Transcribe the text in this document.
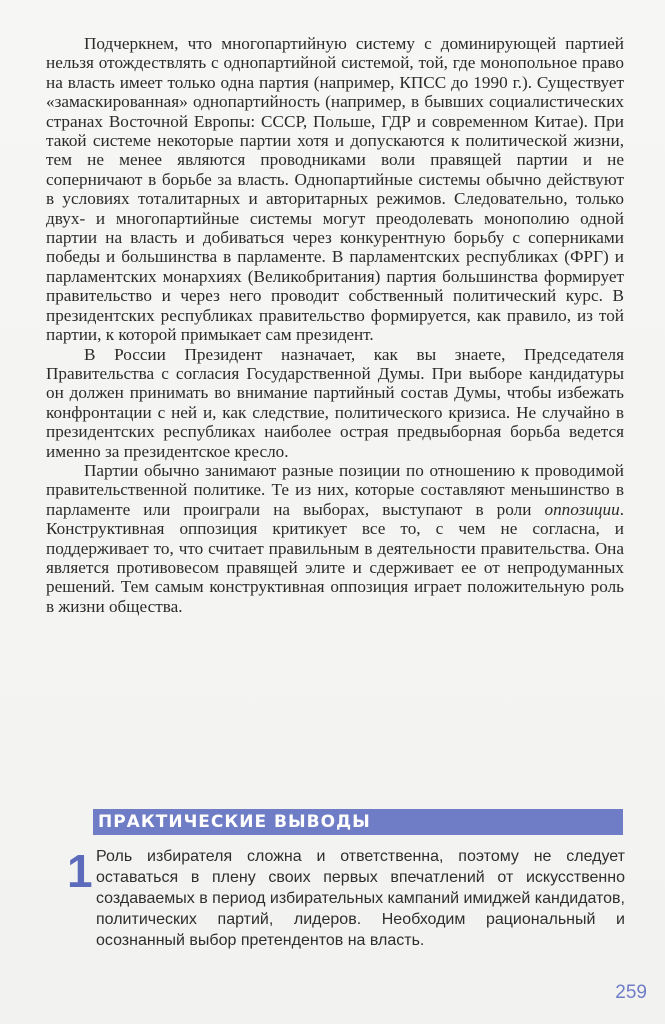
Подчеркнем, что многопартийную систему с доминирующей партией нельзя отождествлять с однопартийной системой, той, где монопольное право на власть имеет только одна партия (например, КПСС до 1990 г.). Существует «замаскированная» однопартийность (например, в бывших социалистических странах Восточной Европы: СССР, Польше, ГДР и современном Китае). При такой системе некоторые партии хотя и допускаются к политической жизни, тем не менее являются проводниками воли правящей партии и не соперничают в борьбе за власть. Однопартийные системы обычно действуют в условиях тоталитарных и авторитарных режимов. Следовательно, только двух- и многопартийные системы могут преодолевать монополию одной партии на власть и добиваться через конкурентную борьбу с соперниками победы и большинства в парламенте. В парламентских республиках (ФРГ) и парламентских монархиях (Великобритания) партия большинства формирует правительство и через него проводит собственный политический курс. В президентских республиках правительство формируется, как правило, из той партии, к которой примыкает сам президент.

В России Президент назначает, как вы знаете, Председателя Правительства с согласия Государственной Думы. При выборе кандидатуры он должен принимать во внимание партийный состав Думы, чтобы избежать конфронтации с ней и, как следствие, политического кризиса. Не случайно в президентских республиках наиболее острая предвыборная борьба ведется именно за президентское кресло.

Партии обычно занимают разные позиции по отношению к проводимой правительственной политике. Те из них, которые составляют меньшинство в парламенте или проиграли на выборах, выступают в роли оппозиции. Конструктивная оппозиция критикует все то, с чем не согласна, и поддерживает то, что считает правильным в деятельности правительства. Она является противовесом правящей элите и сдерживает ее от непродуманных решений. Тем самым конструктивная оппозиция играет положительную роль в жизни общества.

ПРАКТИЧЕСКИЕ ВЫВОДЫ
1 Роль избирателя сложна и ответственна, поэтому не следует оставаться в плену своих первых впечатлений от искусственно создаваемых в период избирательных кампаний имиджей кандидатов, политических партий, лидеров. Необходим рациональный и осознанный выбор претендентов на власть.
259
